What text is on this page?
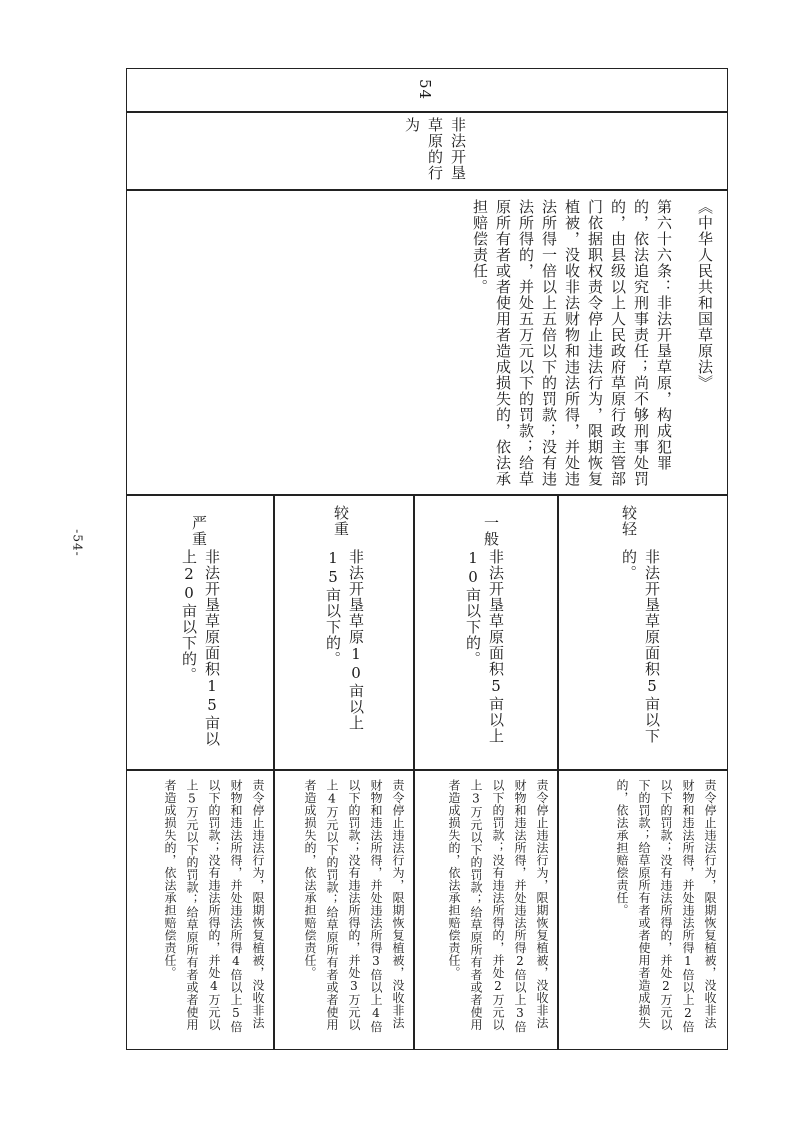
-54-
54
非法开垦草原的行为
《中华人民共和国草原法》
第六十六条：非法开垦草原，构成犯罪的，依法追究刑事责任；尚不够刑事处罚的，由县级以上人民政府草原行政主管部门依据职权责令停止违法行为，限期恢复植被，没收非法财物和违法所得，并处违法所得一倍以上五倍以下的罚款；没有违法所得的，并处五万元以下的罚款；给草原所有者或者使用者造成损失的，依法承担赔偿责任。
较轻
一般
较重
严重
非法开垦草原面积5亩以下的。
非法开垦草原面积5亩以上10亩以下的。
非法开垦草原10亩以上15亩以下的。
非法开垦草原面积15亩以上20亩以下的。
责令停止违法行为，限期恢复植被，没收非法财物和违法所得，并处违法所得1倍以上2倍以下的罚款；没有违法所得的，并处2万元以下的罚款；给草原所有者或者使用者造成损失的，依法承担赔偿责任。
责令停止违法行为，限期恢复植被，没收非法财物和违法所得，并处违法所得2倍以上3倍以下的罚款；没有违法所得的，并处2万元以上3万元以下的罚款；给草原所有者或者使用者造成损失的，依法承担赔偿责任。
责令停止违法行为，限期恢复植被，没收非法财物和违法所得，并处违法所得3倍以上4倍以下的罚款；没有违法所得的，并处3万元以上4万元以下的罚款；给草原所有者或者使用者造成损失的，依法承担赔偿责任。
责令停止违法行为，限期恢复植被，没收非法财物和违法所得，并处违法所得4倍以上5倍以下的罚款；没有违法所得的，并处4万元以上5万元以下的罚款；给草原所有者或者使用者造成损失的，依法承担赔偿责任。
